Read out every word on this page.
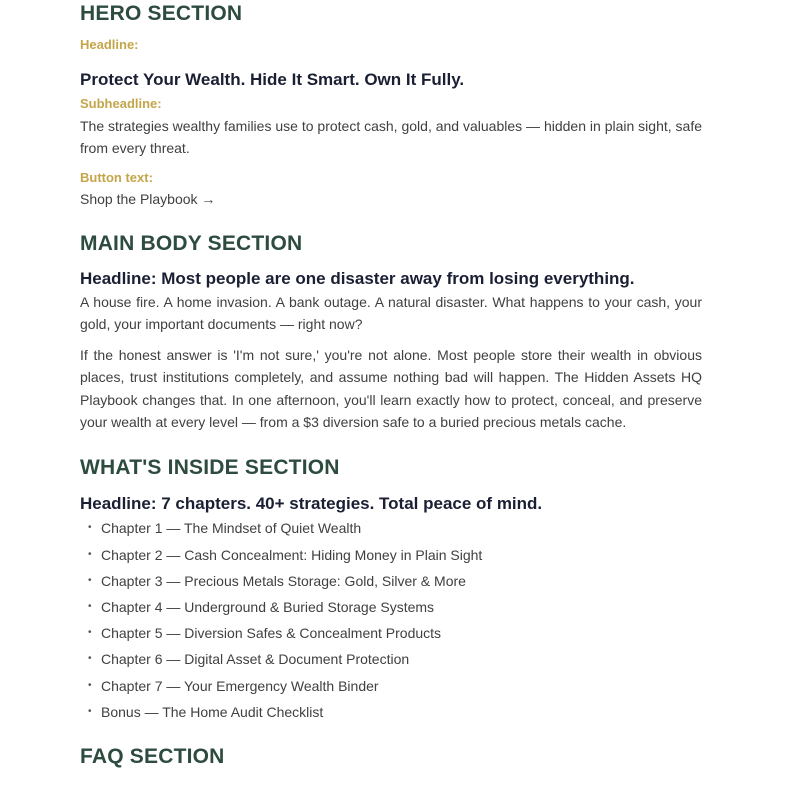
HERO SECTION

Headline:

Protect Your Wealth. Hide It Smart. Own It Fully.

Subheadline:

The strategies wealthy families use to protect cash, gold, and valuables — hidden in plain sight, safe from every threat.

Button text:

Shop the Playbook →

MAIN BODY SECTION

Headline: Most people are one disaster away from losing everything.

A house fire. A home invasion. A bank outage. A natural disaster. What happens to your cash, your gold, your important documents — right now?

If the honest answer is 'I'm not sure,' you're not alone. Most people store their wealth in obvious places, trust institutions completely, and assume nothing bad will happen. The Hidden Assets HQ Playbook changes that. In one afternoon, you'll learn exactly how to protect, conceal, and preserve your wealth at every level — from a $3 diversion safe to a buried precious metals cache.

WHAT'S INSIDE SECTION

Headline: 7 chapters. 40+ strategies. Total peace of mind.

• Chapter 1 — The Mindset of Quiet Wealth
• Chapter 2 — Cash Concealment: Hiding Money in Plain Sight
• Chapter 3 — Precious Metals Storage: Gold, Silver & More
• Chapter 4 — Underground & Buried Storage Systems
• Chapter 5 — Diversion Safes & Concealment Products
• Chapter 6 — Digital Asset & Document Protection
• Chapter 7 — Your Emergency Wealth Binder
• Bonus — The Home Audit Checklist
FAQ SECTION
